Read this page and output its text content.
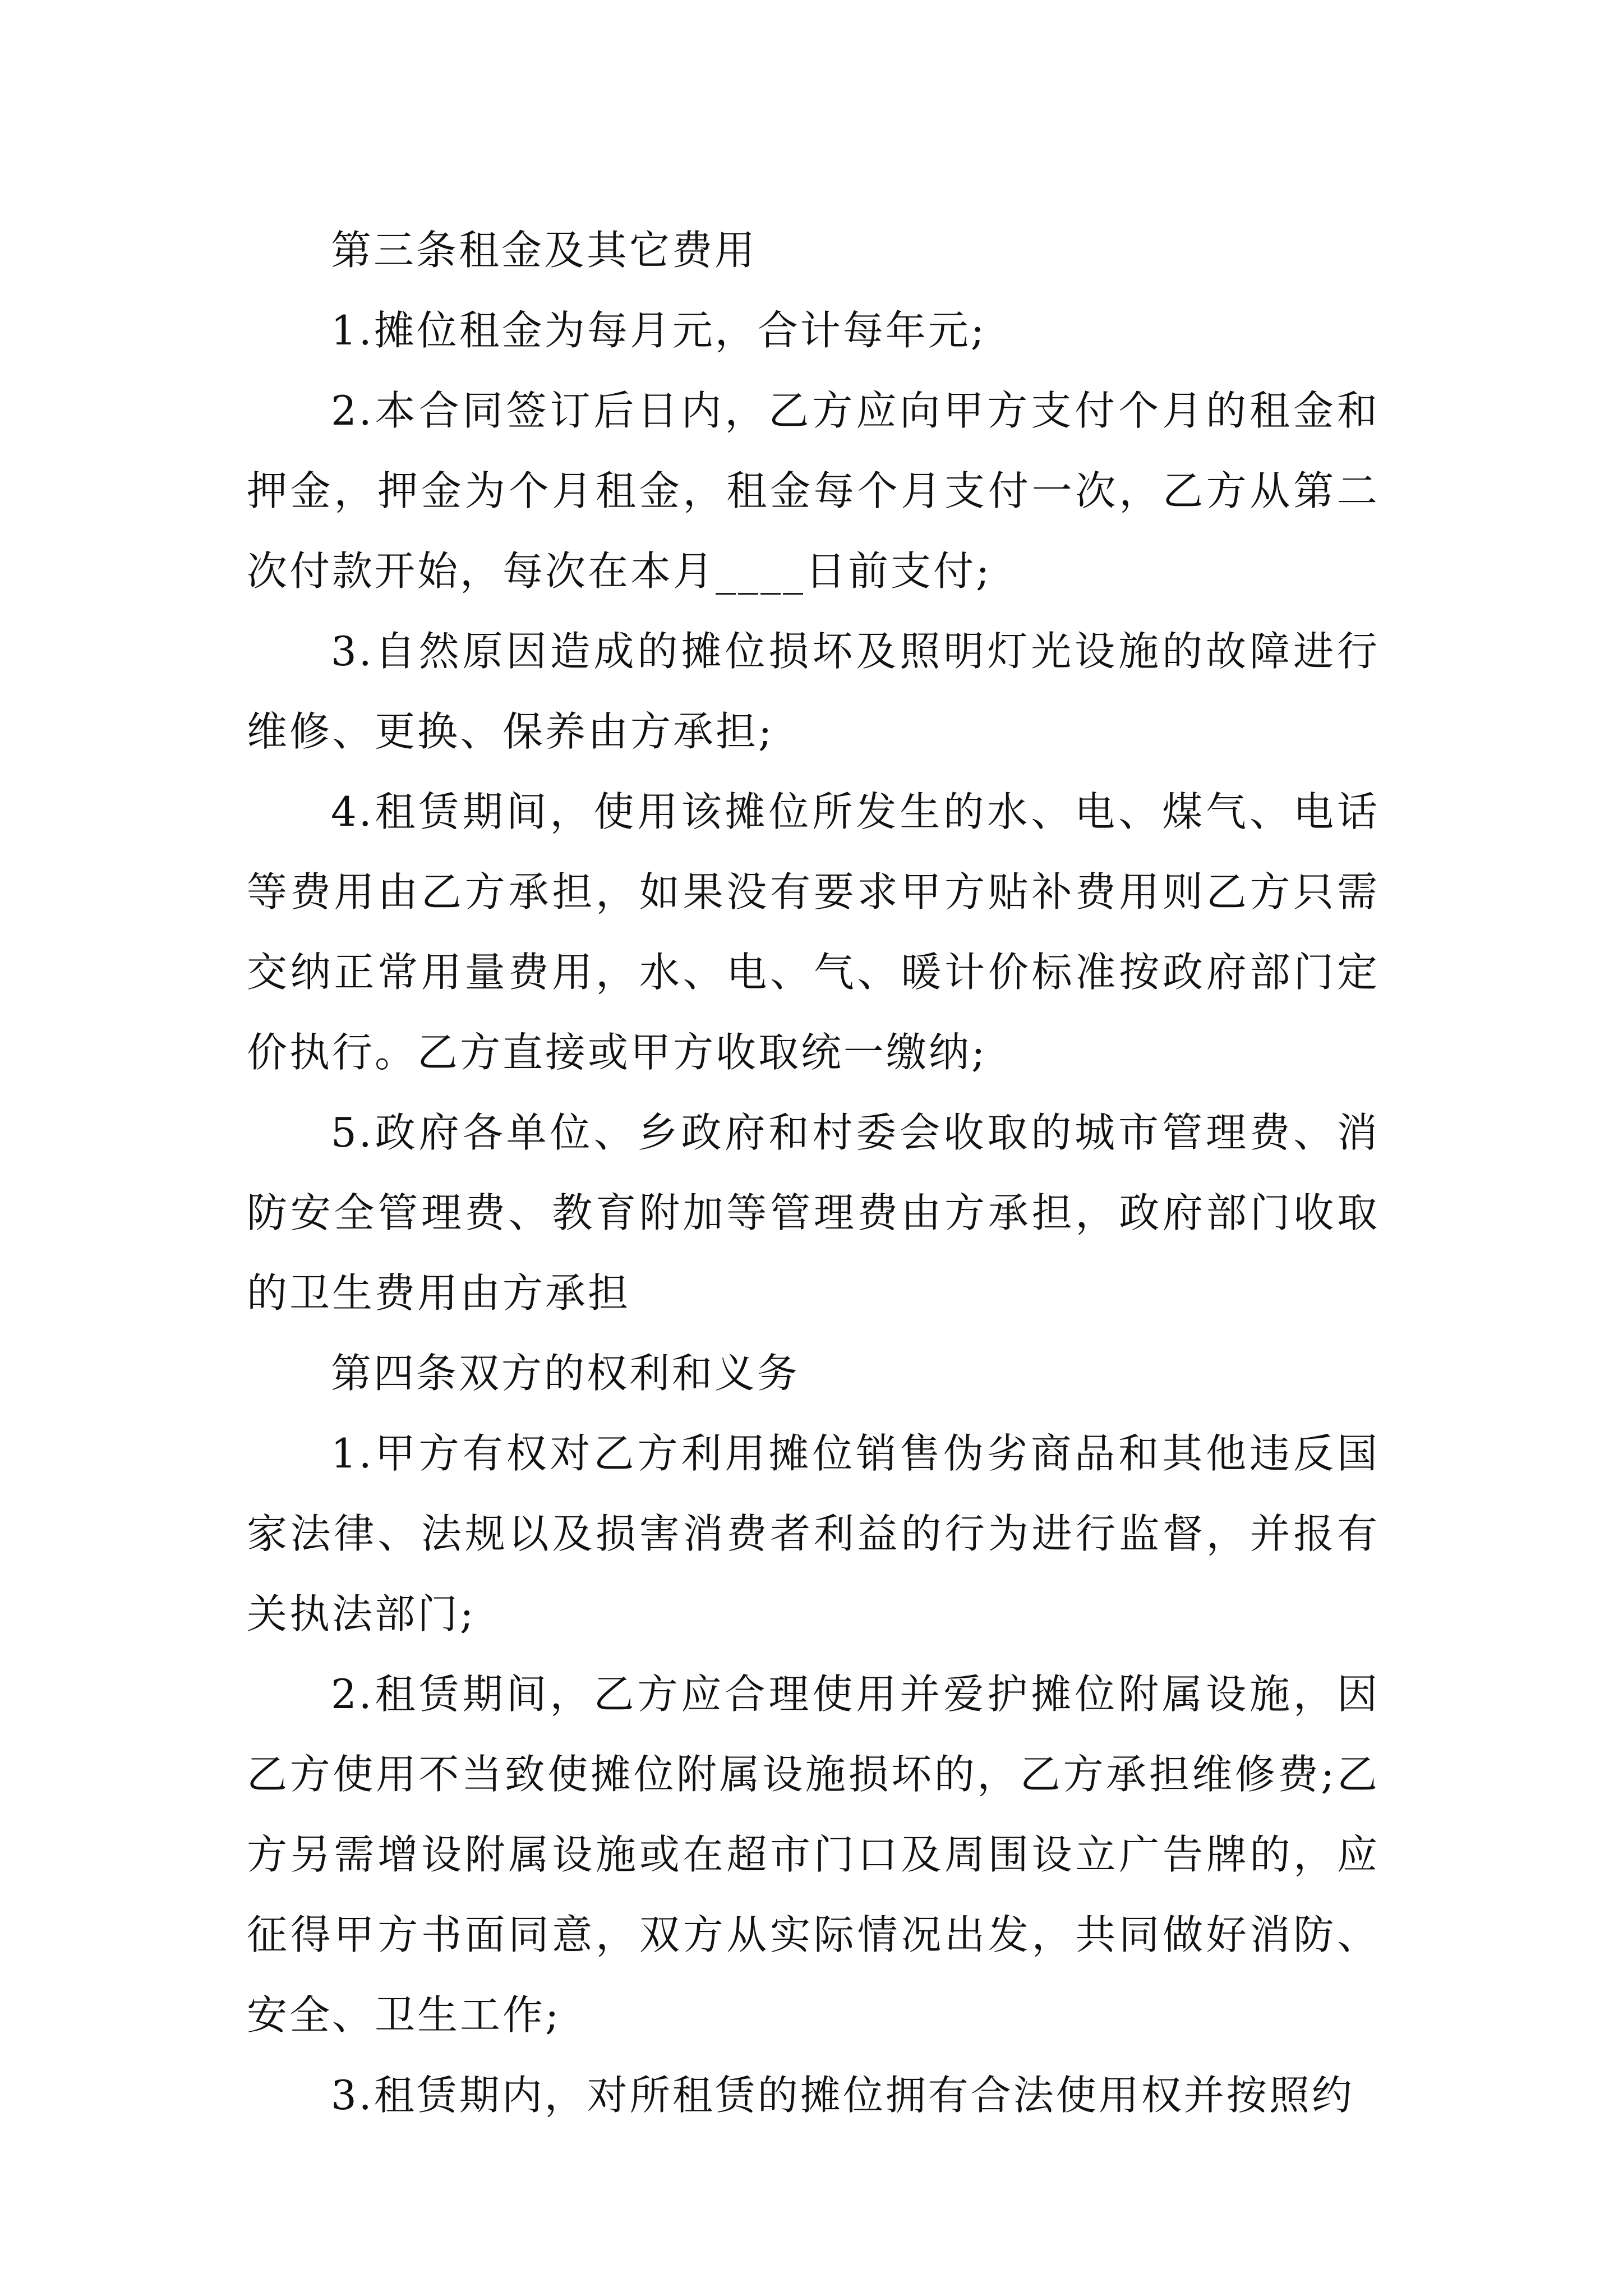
第三条租金及其它费用

1.摊位租金为每月元，合计每年元;

2.本合同签订后日内，乙方应向甲方支付个月的租金和押金，押金为个月租金，租金每个月支付一次，乙方从第二次付款开始，每次在本月____日前支付;

3.自然原因造成的摊位损坏及照明灯光设施的故障进行维修、更换、保养由方承担;

4.租赁期间，使用该摊位所发生的水、电、煤气、电话等费用由乙方承担，如果没有要求甲方贴补费用则乙方只需交纳正常用量费用，水、电、气、暖计价标准按政府部门定价执行。乙方直接或甲方收取统一缴纳;

5.政府各单位、乡政府和村委会收取的城市管理费、消防安全管理费、教育附加等管理费由方承担，政府部门收取的卫生费用由方承担

第四条双方的权利和义务

1.甲方有权对乙方利用摊位销售伪劣商品和其他违反国家法律、法规以及损害消费者利益的行为进行监督，并报有关执法部门;

2.租赁期间，乙方应合理使用并爱护摊位附属设施，因乙方使用不当致使摊位附属设施损坏的，乙方承担维修费;乙方另需增设附属设施或在超市门口及周围设立广告牌的，应征得甲方书面同意，双方从实际情况出发，共同做好消防、安全、卫生工作;

3.租赁期内，对所租赁的摊位拥有合法使用权并按照约
